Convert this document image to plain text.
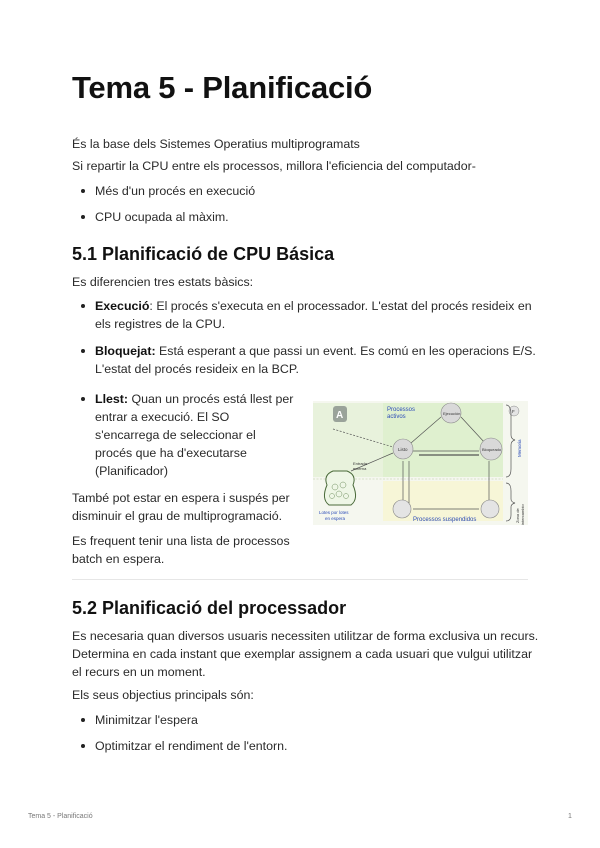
Tema 5 - Planificació

És la base dels Sistemes Operatius multiprogramats

Si repartir la CPU entre els processos, millora l'eficiencia del computador-

Més d'un procés en execució
CPU ocupada al màxim.
5.1 Planificació de CPU Básica

Es diferencien tres estats bàsics:

Execució: El procés s'executa en el processador. L'estat del procés resideix en
els registres de la CPU.
Bloquejat: Está esperant a que passi un event. Es comú en les operacions E/S.
L'estat del procés resideix en la BCP.
Llest: Quan un procés está llest per
entrar a execució. El SO
s'encarrega de seleccionar el
procés que ha d'executarse
(Planificador)

També pot estar en espera i suspés per
disminuir el grau de multiprogramació.

Es frequent tenir una lista de processos
batch en espera.

Processos
activos
A	Ejecución
Listo	Bloqueado
F
Entrada
externa
Lotes por lotes
en espera	Processos suspendidos
Memoria
Zona de intercambio
5.2 Planificació del processador

Es necesaria quan diversos usuaris necessiten utilitzar de forma exclusiva un recurs.

Determina en cada instant que exemplar assignem a cada usuari que vulgui utilitzar

el recurs en un moment.

Els seus objectius principals són:

Minimitzar l'espera
Optimitzar el rendiment de l'entorn.
Tema 5 - Planificació	1
